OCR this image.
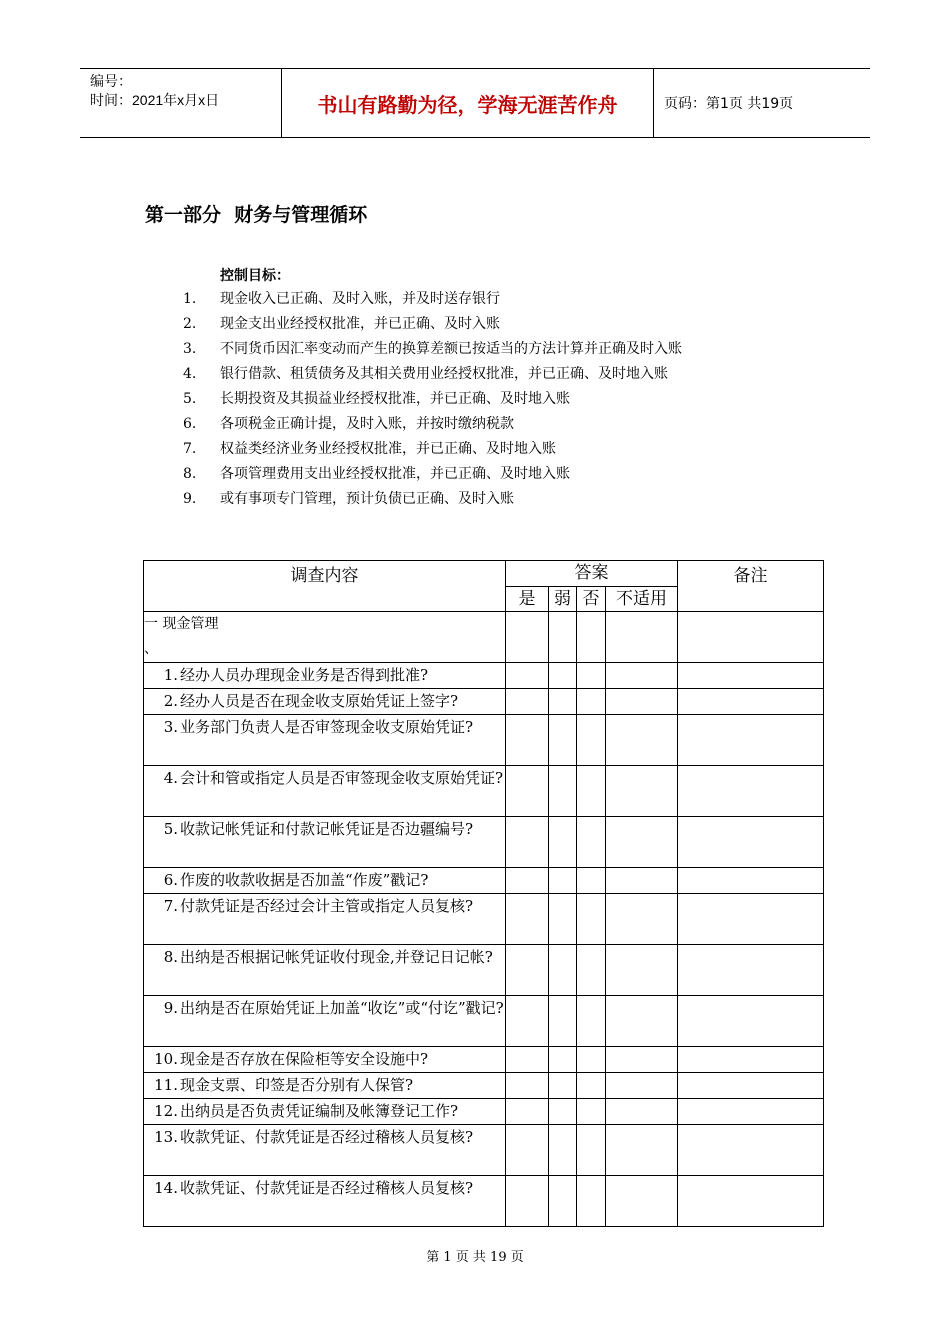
编号：
时间：2021年x月x日	书山有路勤为径，学海无涯苦作舟	页码：第1页 共19页
第一部分  财务与管理循环
控制目标：
1. 现金收入已正确、及时入账，并及时送存银行
2. 现金支出业经授权批准，并已正确、及时入账
3. 不同货币因汇率变动而产生的换算差额已按适当的方法计算并正确及时入账
4. 银行借款、租赁债务及其相关费用业经授权批准，并已正确、及时地入账
5. 长期投资及其损益业经授权批准，并已正确、及时地入账
6. 各项税金正确计提，及时入账，并按时缴纳税款
7. 权益类经济业务业经授权批准，并已正确、及时地入账
8. 各项管理费用支出业经授权批准，并已正确、及时地入账
9. 或有事项专门管理，预计负债已正确、及时入账
调查内容	答案				备注
	是	弱	否	不适用	
一 现金管理
、					
1. 经办人员办理现金业务是否得到批准?					
2. 经办人员是否在现金收支原始凭证上签字?					
3. 业务部门负责人是否审签现金收支原始凭证?					
4. 会计和管或指定人员是否审签现金收支原始凭证?					
5. 收款记帐凭证和付款记帐凭证是否边疆编号?					
6. 作废的收款收据是否加盖“作废”戳记?					
7. 付款凭证是否经过会计主管或指定人员复核?					
8. 出纳是否根据记帐凭证收付现金,并登记日记帐?					
9. 出纳是否在原始凭证上加盖“收讫”或“付讫”戳记?					
10. 现金是否存放在保险柜等安全设施中?					
11. 现金支票、印签是否分别有人保管?					
12. 出纳员是否负责凭证编制及帐簿登记工作?					
13. 收款凭证、付款凭证是否经过稽核人员复核?					
14. 收款凭证、付款凭证是否经过稽核人员复核?					
第 1 页 共 19 页
